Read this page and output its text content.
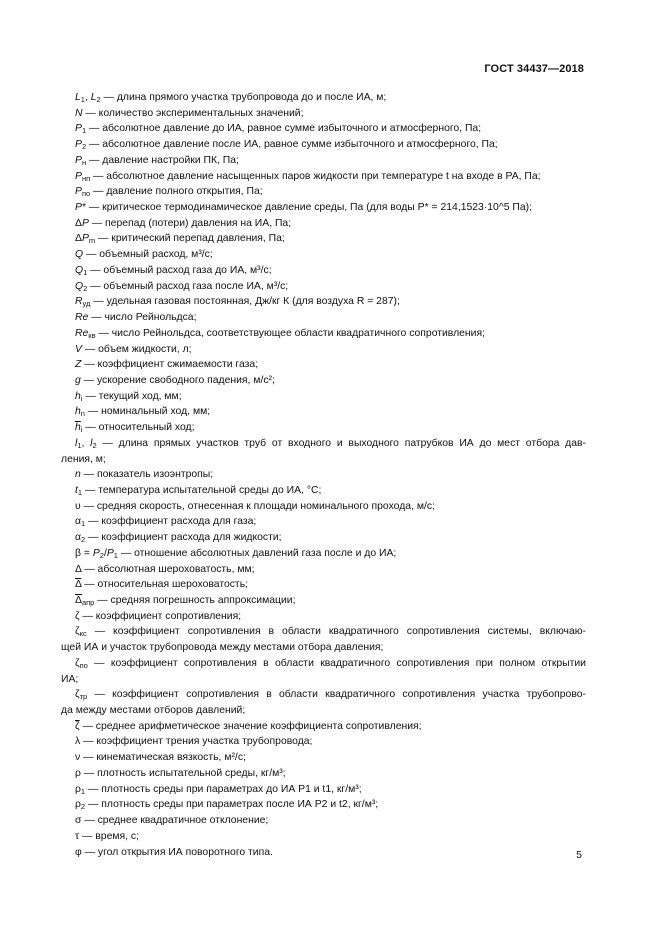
ГОСТ 34437—2018
$L_1$, $L_2$ — длина прямого участка трубопровода до и после ИА, м;
N — количество экспериментальных значений;
$P_1$ — абсолютное давление до ИА, равное сумме избыточного и атмосферного, Па;
$P_2$ — абсолютное давление после ИА, равное сумме избыточного и атмосферного, Па;
$P_н$ — давление настройки ПК, Па;
$P_{нп}$ — абсолютное давление насыщенных паров жидкости при температуре t на входе в РА, Па;
$P_{по}$ — давление полного открытия, Па;
P* — критическое термодинамическое давление среды, Па (для воды P* = 214,1523·10^5 Па);
ΔP — перепад (потери) давления на ИА, Па;
$\Delta P_m$ — критический перепад давления, Па;
Q — объемный расход, м³/с;
$Q_1$ — объемный расход газа до ИА, м³/с;
$Q_2$ — объемный расход газа после ИА, м³/с;
$R_{уд}$ — удельная газовая постоянная, Дж/кг К (для воздуха R = 287);
Re — число Рейнольдса;
$Re_{кв}$ — число Рейнольдса, соответствующее области квадратичного сопротивления;
V — объем жидкости, л;
Z — коэффициент сжимаемости газа;
g — ускорение свободного падения, м/с²;
$h_i$ — текущий ход, мм;
$h_n$ — номинальный ход, мм;
$\overline{h}_i$ — относительный ход;
$l_1$, $l_2$ — длина прямых участков труб от входного и выходного патрубков ИА до мест отбора дав-
ления, м;
n — показатель изоэнтропы;
$t_1$ — температура испытательной среды до ИА, °С;
υ — средняя скорость, отнесенная к площади номинального прохода, м/с;
$\alpha_1$ — коэффициент расхода для газа;
$\alpha_2$ — коэффициент расхода для жидкости;
$\beta = P_2/P_1$ — отношение абсолютных давлений газа после и до ИА;
Δ — абсолютная шероховатость, мм;
$\overline{\Delta}$ — относительная шероховатость;
$\overline{\Delta}_{апр}$ — средняя погрешность аппроксимации;
ζ — коэффициент сопротивления;
$\zeta_{кс}$ — коэффициент сопротивления в области квадратичного сопротивления системы, включаю-
щей ИА и участок трубопровода между местами отбора давления;
$\zeta_{по}$ — коэффициент сопротивления в области квадратичного сопротивления при полном открытии
ИА;
$\zeta_{тр}$ — коэффициент сопротивления в области квадратичного сопротивления участка трубопрово-
да между местами отборов давлений;
$\overline{\zeta}$ — среднее арифметическое значение коэффициента сопротивления;
λ — коэффициент трения участка трубопровода;
ν — кинематическая вязкость, м²/с;
ρ — плотность испытательной среды, кг/м³;
$\rho_1$ — плотность среды при параметрах до ИА P1 и t1, кг/м³;
$\rho_2$ — плотность среды при параметрах после ИА P2 и t2, кг/м³;
σ — среднее квадратичное отклонение;
τ — время, с;
φ — угол открытия ИА поворотного типа.	5
